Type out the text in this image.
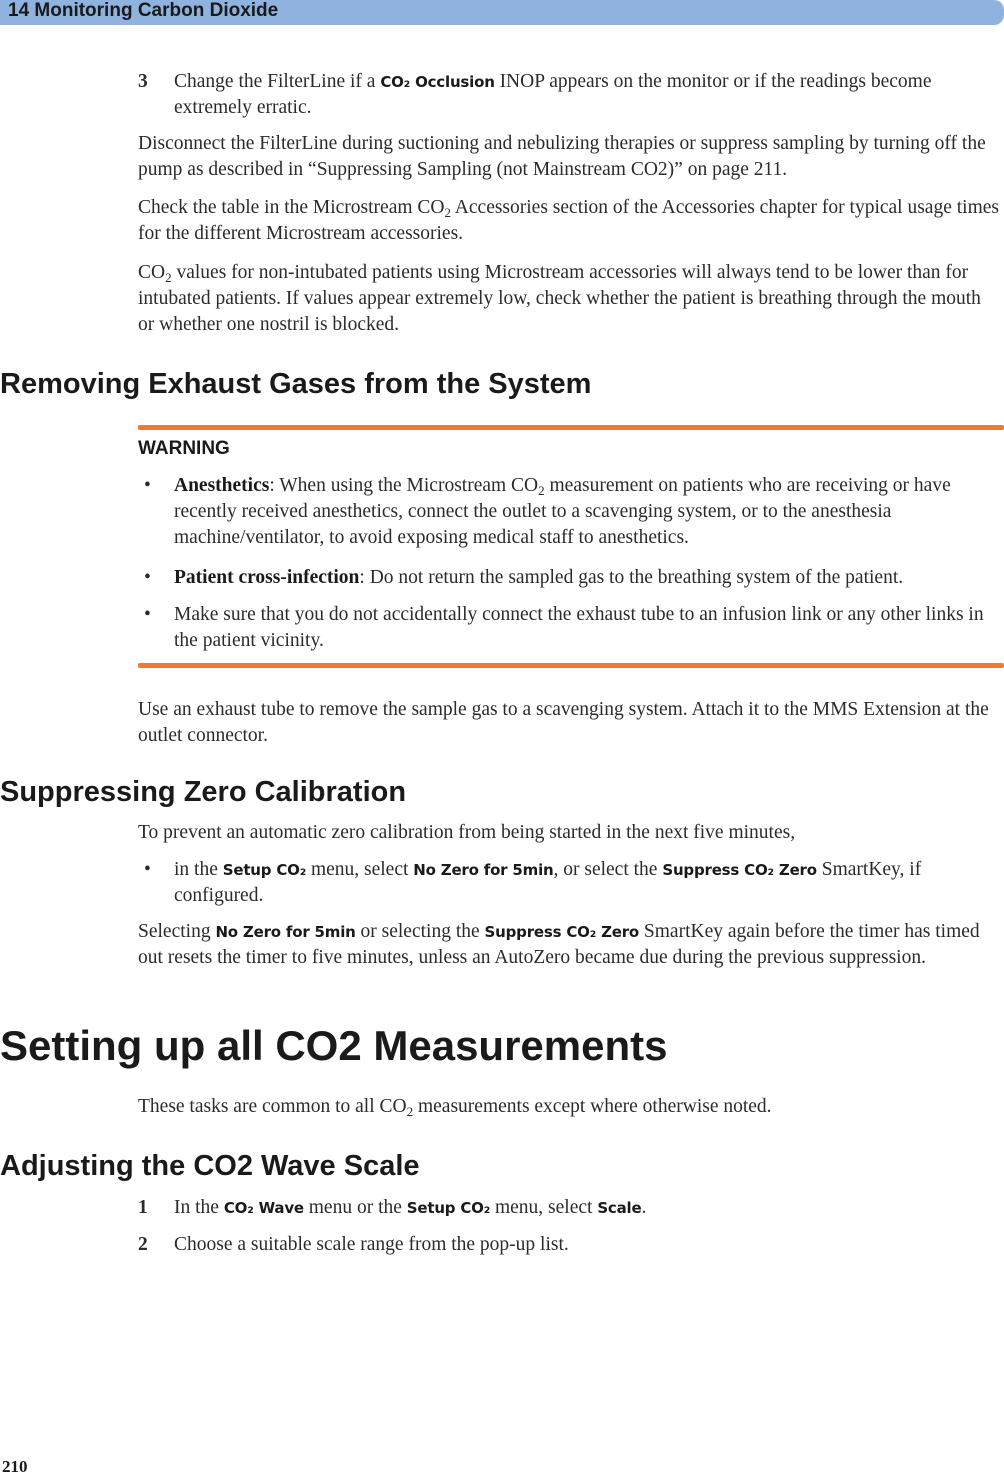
14 Monitoring Carbon Dioxide
3	Change the FilterLine if a CO₂ Occlusion INOP appears on the monitor or if the readings become extremely erratic.
Disconnect the FilterLine during suctioning and nebulizing therapies or suppress sampling by turning off the pump as described in “Suppressing Sampling (not Mainstream CO2)” on page 211.
Check the table in the Microstream $CO_2$ Accessories section of the Accessories chapter for typical usage times for the different Microstream accessories.
$CO_2$ values for non-intubated patients using Microstream accessories will always tend to be lower than for intubated patients. If values appear extremely low, check whether the patient is breathing through the mouth or whether one nostril is blocked.
Removing Exhaust Gases from the System
WARNING
•	Anesthetics: When using the Microstream $CO_2$ measurement on patients who are receiving or have recently received anesthetics, connect the outlet to a scavenging system, or to the anesthesia machine/ventilator, to avoid exposing medical staff to anesthetics.
•	Patient cross-infection: Do not return the sampled gas to the breathing system of the patient.
•	Make sure that you do not accidentally connect the exhaust tube to an infusion link or any other links in the patient vicinity.
Use an exhaust tube to remove the sample gas to a scavenging system. Attach it to the MMS Extension at the outlet connector.
Suppressing Zero Calibration
To prevent an automatic zero calibration from being started in the next five minutes,
•	in the Setup CO₂ menu, select No Zero for 5min, or select the Suppress CO₂ Zero SmartKey, if configured.
Selecting No Zero for 5min or selecting the Suppress CO₂ Zero SmartKey again before the timer has timed out resets the timer to five minutes, unless an AutoZero became due during the previous suppression.
Setting up all CO2 Measurements
These tasks are common to all $CO_2$ measurements except where otherwise noted.
Adjusting the CO2 Wave Scale
1	In the CO₂ Wave menu or the Setup CO₂ menu, select Scale.
2	Choose a suitable scale range from the pop-up list.
210
